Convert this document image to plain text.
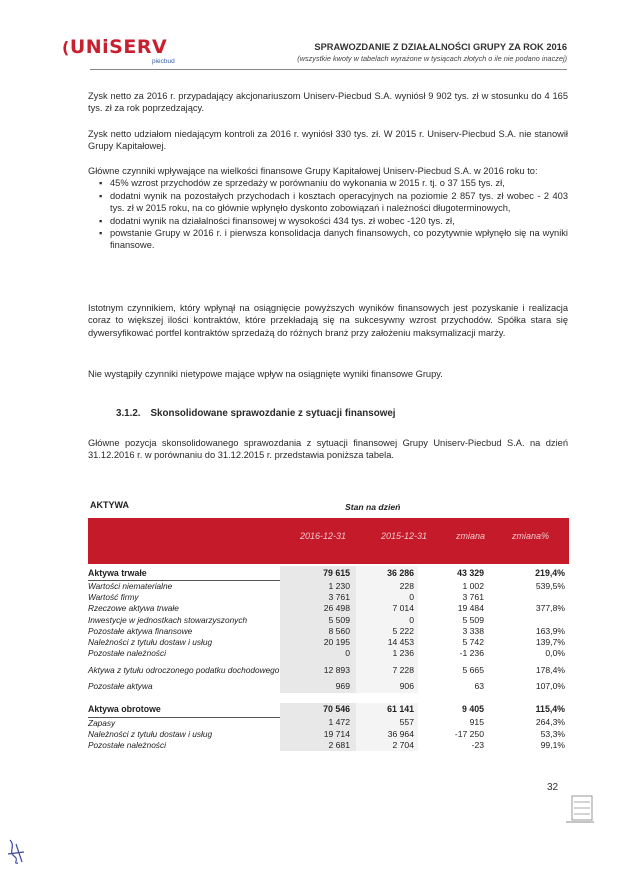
(UNiSERV
piecbud
SPRAWOZDANIE Z DZIAŁALNOŚCI GRUPY ZA ROK 2016
(wszystkie kwoty w tabelach wyrażone w tysiącach złotych o ile nie podano inaczej)
Zysk netto za 2016 r. przypadający akcjonariuszom Uniserv-Piecbud S.A. wyniósł 9 902 tys. zł w stosunku do 4 165 tys. zł za rok poprzedzający.
Zysk netto udziałom niedającym kontroli za 2016 r. wyniósł 330 tys. zł. W 2015 r. Uniserv-Piecbud S.A. nie stanowił Grupy Kapitałowej.
Główne czynniki wpływające na wielkości finansowe Grupy Kapitałowej Uniserv-Piecbud S.A. w 2016 roku to:
▪ 45% wzrost przychodów ze sprzedaży w porównaniu do wykonania w 2015 r. tj. o 37 155 tys. zł,
▪ dodatni wynik na pozostałych przychodach i kosztach operacyjnych na poziomie 2 857 tys. zł wobec - 2 403 tys. zł w 2015 roku, na co głównie wpłynęło dyskonto zobowiązań i należności długoterminowych,
▪ dodatni wynik na działalności finansowej w wysokości 434 tys. zł wobec -120 tys. zł,
▪ powstanie Grupy w 2016 r. i pierwsza konsolidacja danych finansowych, co pozytywnie wpłynęło się na wyniki finansowe.
Istotnym czynnikiem, który wpłynął na osiągnięcie powyższych wyników finansowych jest pozyskanie i realizacja coraz to większej ilości kontraktów, które przekładają się na sukcesywny wzrost przychodów. Spółka stara się dywersyfikować portfel kontraktów sprzedażą do różnych branż przy założeniu maksymalizacji marży.
Nie wystąpiły czynniki nietypowe mające wpływ na osiągnięte wyniki finansowe Grupy.
3.1.2. Skonsolidowane sprawozdanie z sytuacji finansowej
Główne pozycja skonsolidowanego sprawozdania z sytuacji finansowej Grupy Uniserv-Piecbud S.A. na dzień 31.12.2016 r. w porównaniu do 31.12.2015 r. przedstawia poniższa tabela.
AKTYWA	Stan na dzień
2016-12-31	2015-12-31	zmiana	zmiana%
Aktywa trwałe	79 615	36 286	43 329	219,4%
Wartości niematerialne	1 230	228	1 002	539,5%
Wartość firmy	3 761	0	3 761	
Rzeczowe aktywa trwałe	26 498	7 014	19 484	377,8%
Inwestycje w jednostkach stowarzyszonych	5 509	0	5 509	
Pozostałe aktywa finansowe	8 560	5 222	3 338	163,9%
Należności z tytułu dostaw i usług	20 195	14 453	5 742	139,7%
Pozostałe należności	0	1 236	-1 236	0,0%
Aktywa z tytułu odroczonego podatku dochodowego	12 893	7 228	5 665	178,4%
Pozostałe aktywa	969	906	63	107,0%

Aktywa obrotowe	70 546	61 141	9 405	115,4%
Zapasy	1 472	557	915	264,3%
Należności z tytułu dostaw i usług	19 714	36 964	-17 250	53,3%
Pozostałe należności	2 681	2 704	-23	99,1%
32
